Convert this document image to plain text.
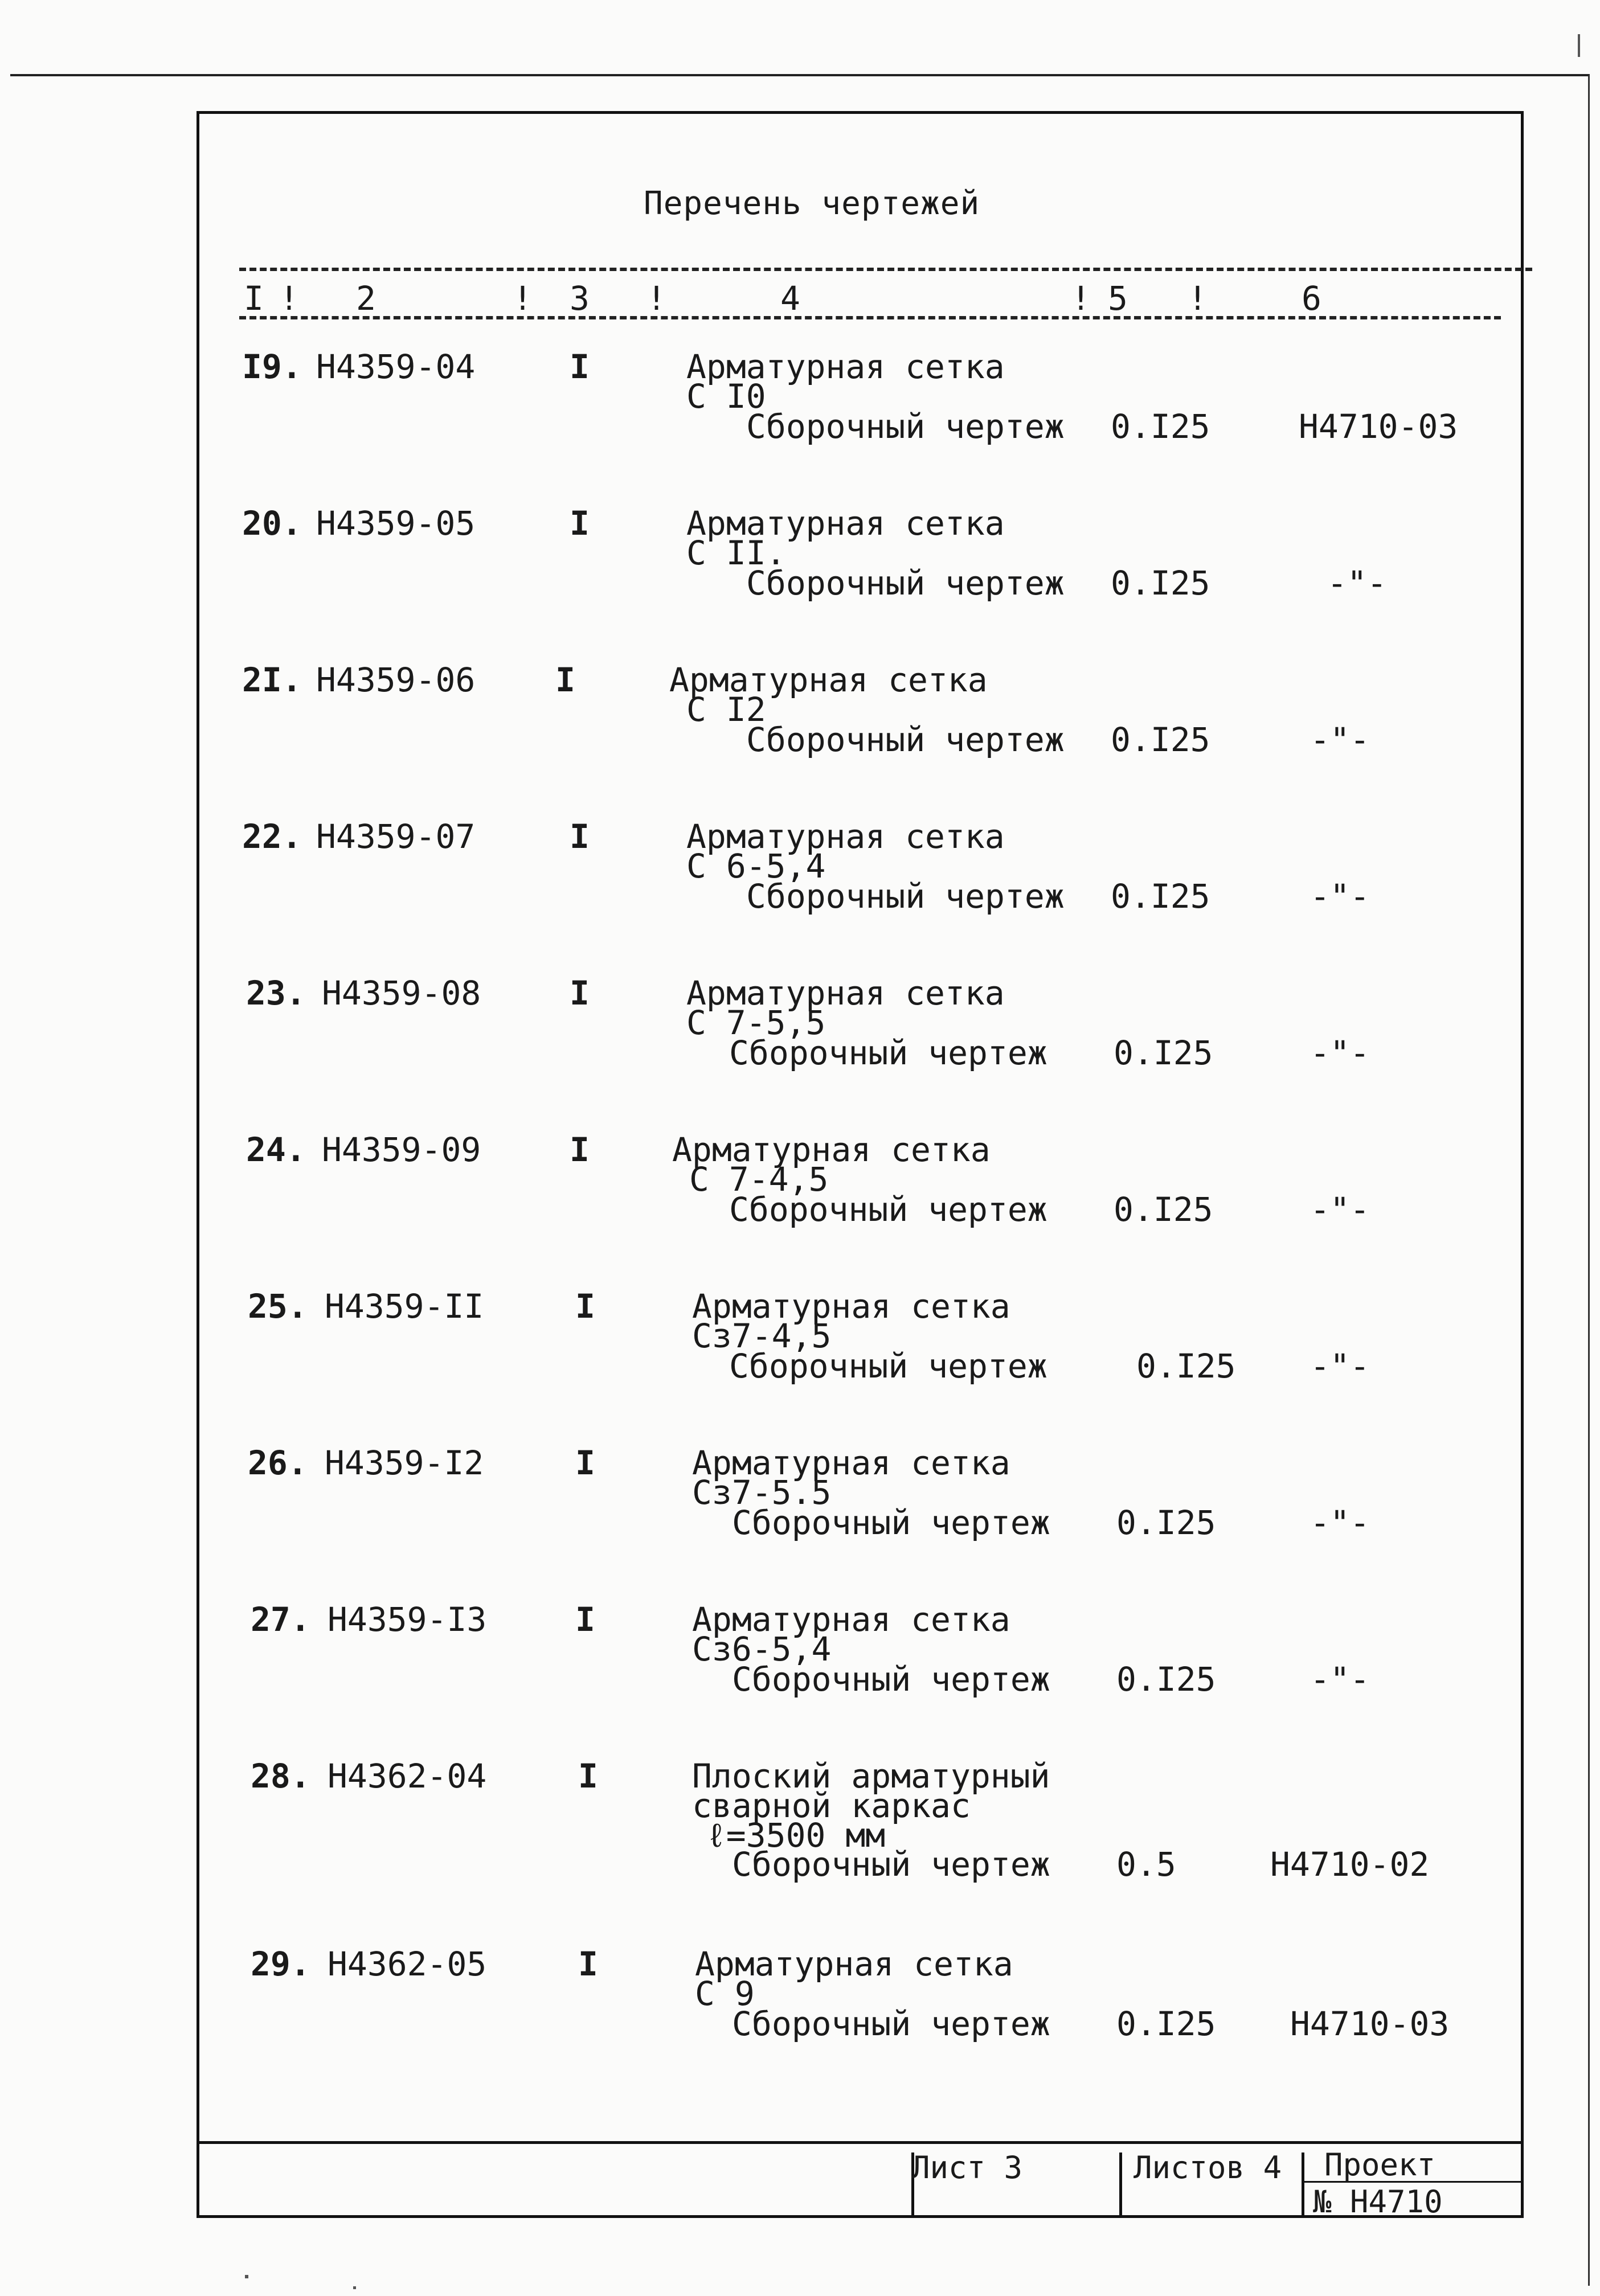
Перечень чертежей
I ! 2	! 3 !	4	! 5 !	6
I9. Н4359-04	I	Арматурная сетка
С I0
Сборочный чертеж 0.I25	Н4710-03
20. Н4359-05	I	Арматурная сетка
С II.
Сборочный чертеж 0.I25	-"-
2I. Н4359-06 I	Арматурная сетка
С I2
Сборочный чертеж 0.I25	-"-
22. Н4359-07	I	Арматурная сетка
С 6-5,4
Сборочный чертеж 0.I25	-"-
23. Н4359-08	I	Арматурная сетка
С 7-5,5
Сборочный чертеж 0.I25	-"-
24. Н4359-09	I	Арматурная сетка
С 7-4,5
Сборочный чертеж 0.I25	-"-
25. Н4359-II	I	Арматурная сетка
Сз7-4,5
Сборочный чертеж	0.I25 -"-
26. Н4359-I2	I	Арматурная сетка
Сз7-5.5
Сборочный чертеж 0.I25	-"-
27. Н4359-I3	I	Арматурная сетка
Сз6-5,4
Сборочный чертеж 0.I25	-"-
28. Н4362-04	I	Плоский арматурный
сварной каркас
ℓ=3500 мм
Сборочный чертеж 0.5	Н4710-02
29. Н4362-05	I	Арматурная сетка
С 9
Сборочный чертеж 0.I25 Н4710-03
Лист 3	Листов 4 Проект
№ Н4710
